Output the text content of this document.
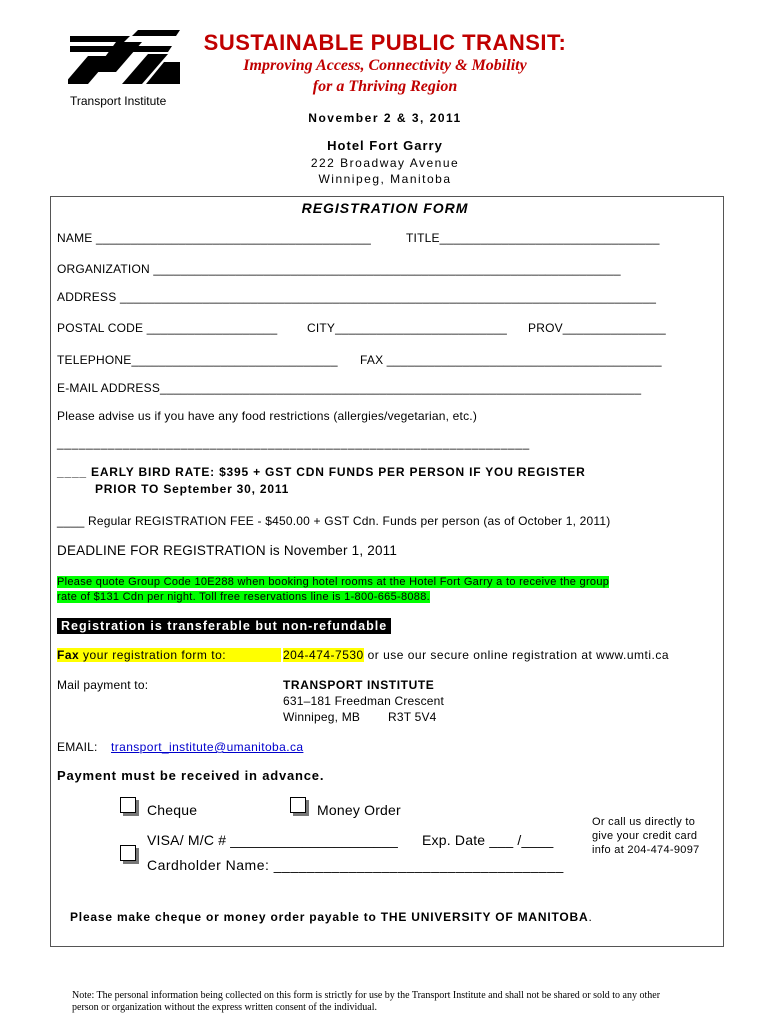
Transport Institute
SUSTAINABLE PUBLIC TRANSIT:
Improving Access, Connectivity & Mobility
for a Thriving Region
November 2 & 3, 2011
Hotel Fort Garry
222 Broadway Avenue
Winnipeg, Manitoba
REGISTRATION FORM
NAME ________________________________________	TITLE________________________________
ORGANIZATION ____________________________________________________________________
ADDRESS ______________________________________________________________________________
POSTAL CODE ___________________ CITY_________________________ PROV_______________
TELEPHONE______________________________ FAX ________________________________________
E-MAIL ADDRESS______________________________________________________________________
Please advise us if you have any food restrictions (allergies/vegetarian, etc.)
_________________________________________________________________
____ EARLY BIRD RATE: $395 + GST CDN FUNDS PER PERSON IF YOU REGISTER
PRIOR TO September 30, 2011
____ Regular REGISTRATION FEE - $450.00 + GST Cdn. Funds per person (as of October 1, 2011)
DEADLINE FOR REGISTRATION is November 1, 2011
Please quote Group Code 10E288 when booking hotel rooms at the Hotel Fort Garry a to receive the group
rate of $131 Cdn per night. Toll free reservations line is 1-800-665-8088.
Registration is transferable but non-refundable
Fax your registration form to:	204-474-7530 or use our secure online registration at www.umti.ca
Mail payment to:	TRANSPORT INSTITUTE
631–181 Freedman Crescent
Winnipeg, MB R3T 5V4
EMAIL: transport_institute@umanitoba.ca
Payment must be received in advance.
Cheque	Money Order
VISA/ M/C # _____________________ Exp. Date ___ /____
Cardholder Name: ___________________________________
Or call us directly to
give your credit card
info at 204-474-9097
Please make cheque or money order payable to THE UNIVERSITY OF MANITOBA.
Note: The personal information being collected on this form is strictly for use by the Transport Institute and shall not be shared or sold to any other
person or organization without the express written consent of the individual.
